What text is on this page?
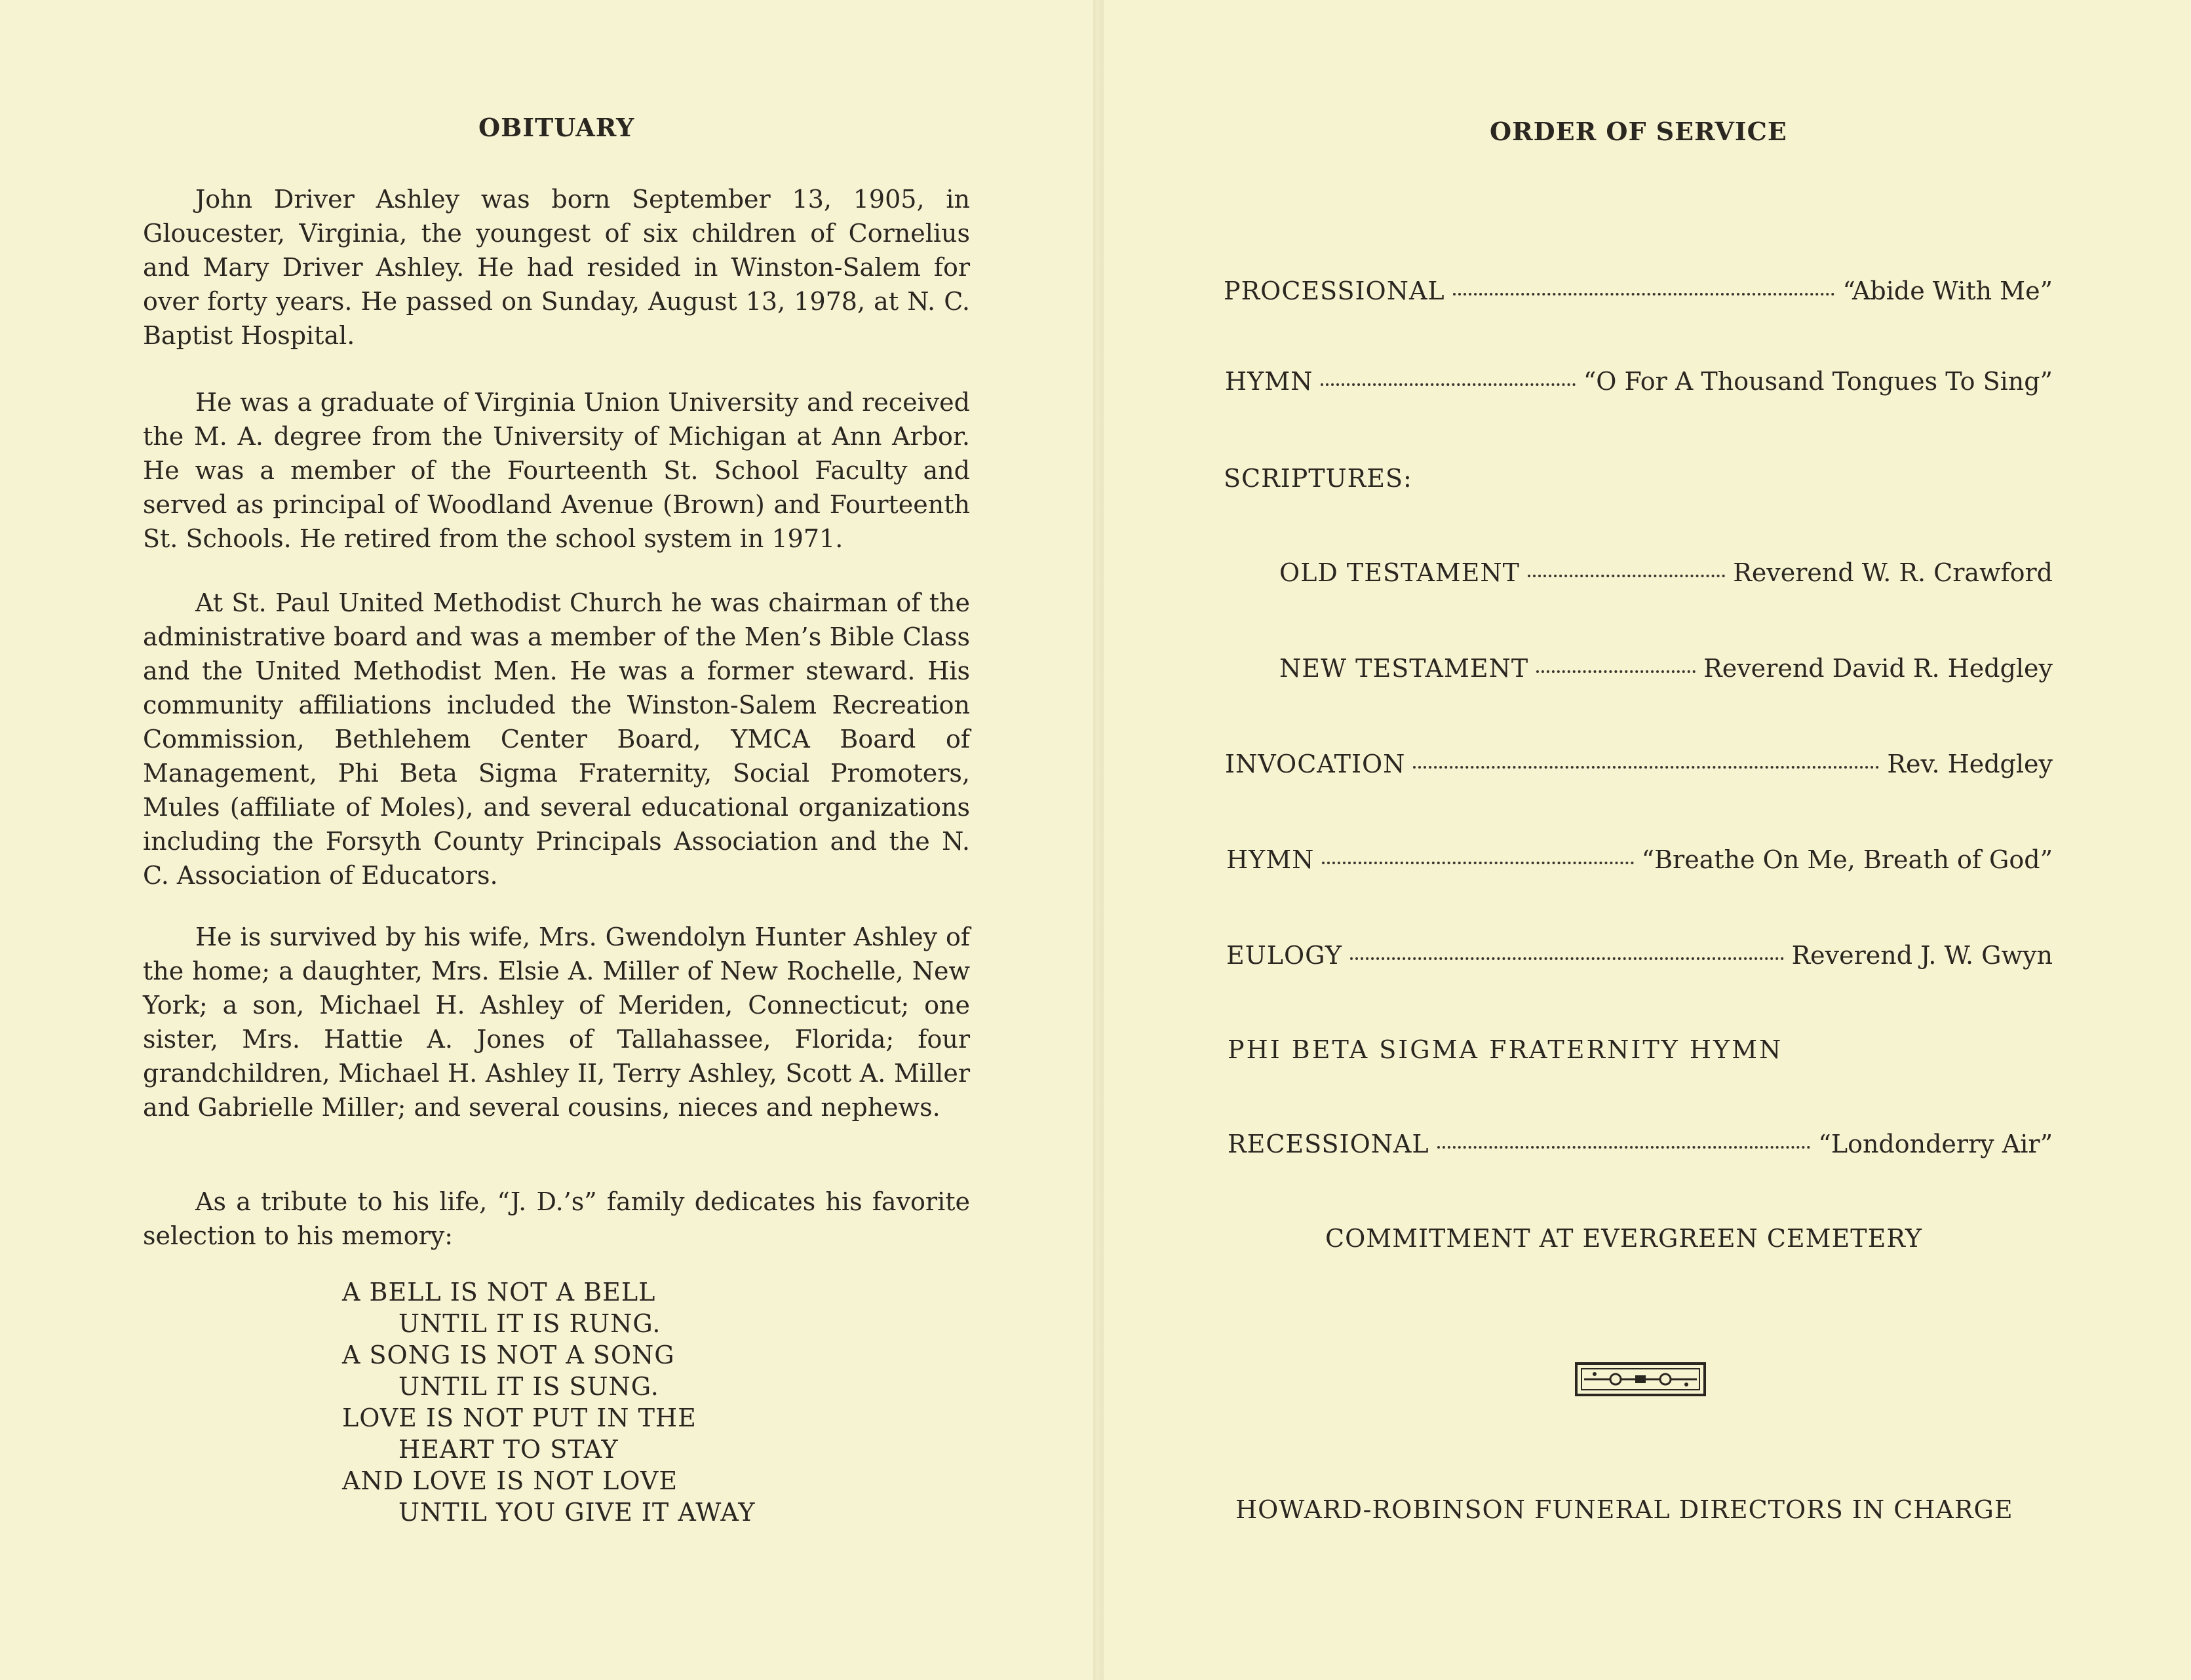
OBITUARY

John Driver Ashley was born September 13, 1905, in Gloucester, Virginia, the youngest of six children of Cornelius and Mary Driver Ashley. He had resided in Winston-Salem for over forty years. He passed on Sunday, August 13, 1978, at N. C. Baptist Hospital.

He was a graduate of Virginia Union University and received the M. A. degree from the University of Michigan at Ann Arbor. He was a member of the Fourteenth St. School Faculty and served as principal of Woodland Avenue (Brown) and Fourteenth St. Schools. He retired from the school system in 1971.

At St. Paul United Methodist Church he was chairman of the administrative board and was a member of the Men’s Bible Class and the United Methodist Men. He was a former steward. His community affiliations included the Winston-Salem Recreation Commission, Bethlehem Center Board, YMCA Board of Management, Phi Beta Sigma Fraternity, Social Promoters, Mules (affiliate of Moles), and several educational organizations including the Forsyth County Principals Association and the N. C. Association of Educators.

He is survived by his wife, Mrs. Gwendolyn Hunter Ashley of the home; a daughter, Mrs. Elsie A. Miller of New Rochelle, New York; a son, Michael H. Ashley of Meriden, Connecticut; one sister, Mrs. Hattie A. Jones of Tallahassee, Florida; four grandchildren, Michael H. Ashley II, Terry Ashley, Scott A. Miller and Gabrielle Miller; and several cousins, nieces and nephews.

As a tribute to his life, “J. D.’s” family dedicates his favorite selection to his memory:

A BELL IS NOT A BELL
UNTIL IT IS RUNG.
A SONG IS NOT A SONG
UNTIL IT IS SUNG.
LOVE IS NOT PUT IN THE
HEART TO STAY
AND LOVE IS NOT LOVE
UNTIL YOU GIVE IT AWAY
ORDER OF SERVICE
PROCESSIONAL	“Abide With Me”
HYMN	“O For A Thousand Tongues To Sing”
SCRIPTURES:
OLD TESTAMENT	Reverend W. R. Crawford
NEW TESTAMENT	Reverend David R. Hedgley
INVOCATION	Rev. Hedgley
HYMN	“Breathe On Me, Breath of God”
EULOGY	Reverend J. W. Gwyn
PHI BETA SIGMA FRATERNITY HYMN
RECESSIONAL	“Londonderry Air”
COMMITMENT AT EVERGREEN CEMETERY
HOWARD-ROBINSON FUNERAL DIRECTORS IN CHARGE
